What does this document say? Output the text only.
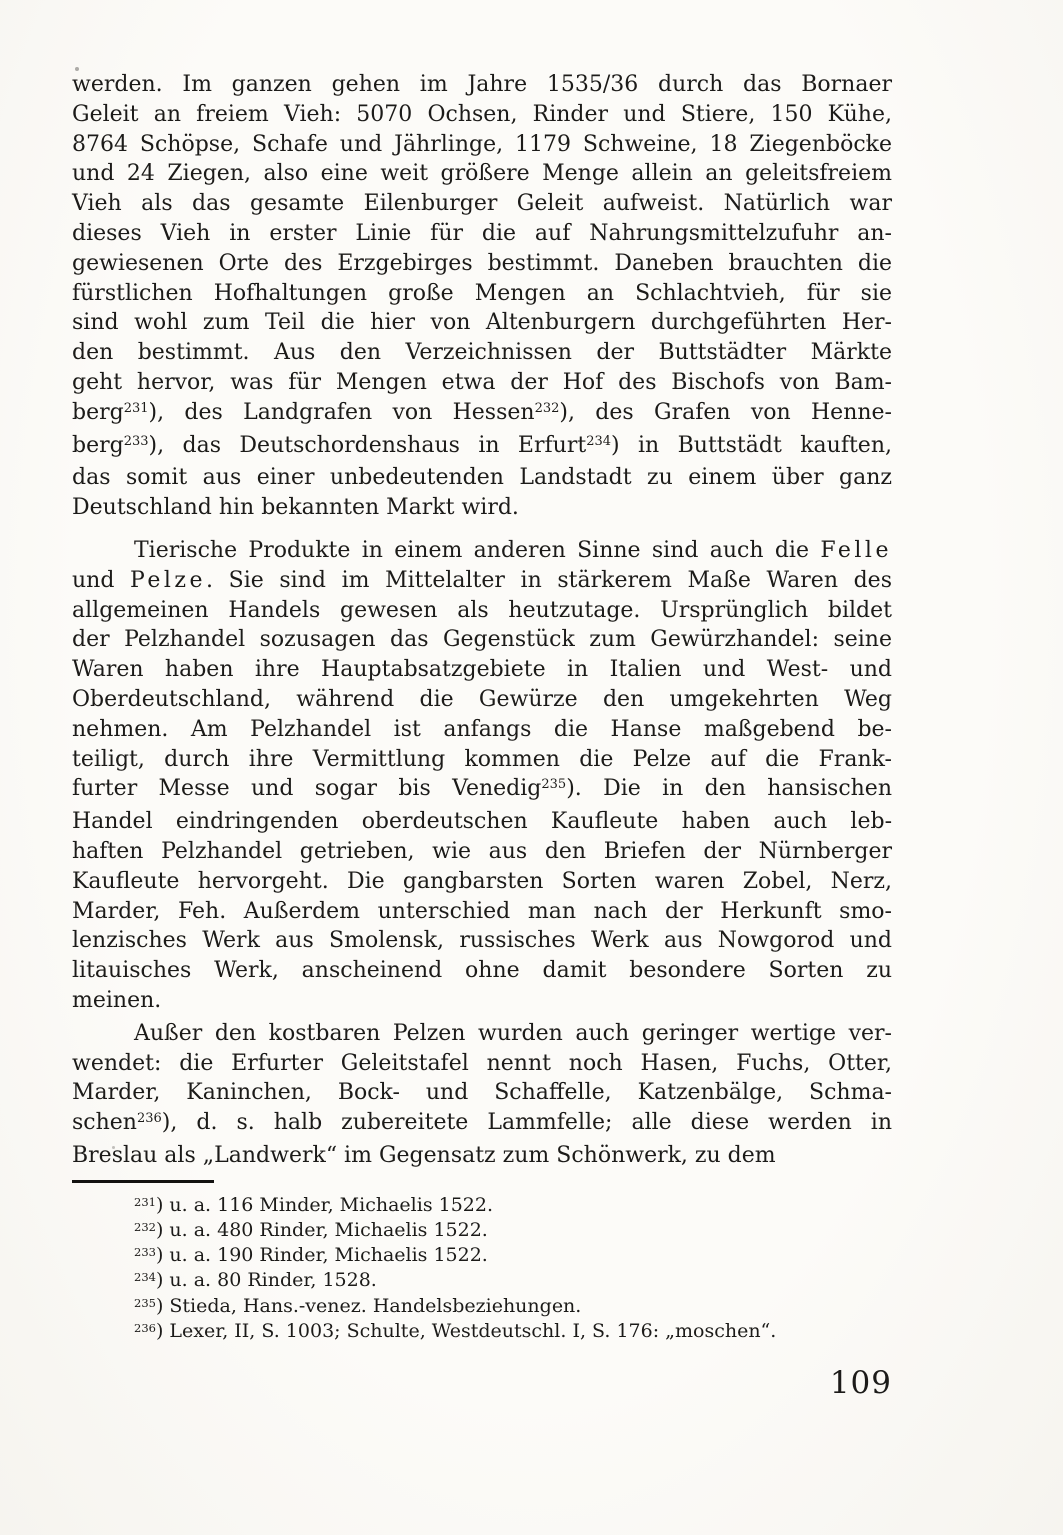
werden. Im ganzen gehen im Jahre 1535/36 durch das Bornaer
Geleit an freiem Vieh: 5070 Ochsen, Rinder und Stiere, 150 Kühe,
8764 Schöpse, Schafe und Jährlinge, 1179 Schweine, 18 Ziegenböcke
und 24 Ziegen, also eine weit größere Menge allein an geleitsfreiem
Vieh als das gesamte Eilenburger Geleit aufweist. Natürlich war
dieses Vieh in erster Linie für die auf Nahrungsmittelzufuhr an-
gewiesenen Orte des Erzgebirges bestimmt. Daneben brauchten die
fürstlichen Hofhaltungen große Mengen an Schlachtvieh, für sie
sind wohl zum Teil die hier von Altenburgern durchgeführten Her-
den bestimmt. Aus den Verzeichnissen der Buttstädter Märkte
geht hervor, was für Mengen etwa der Hof des Bischofs von Bam-
berg$^{231}$), des Landgrafen von Hessen$^{232}$), des Grafen von Henne-
berg$^{233}$), das Deutschordenshaus in Erfurt$^{234}$) in Buttstädt kauften,
das somit aus einer unbedeutenden Landstadt zu einem über ganz
Deutschland hin bekannten Markt wird.
Tierische Produkte in einem anderen Sinne sind auch die Felle
und Pelze. Sie sind im Mittelalter in stärkerem Maße Waren des
allgemeinen Handels gewesen als heutzutage. Ursprünglich bildet
der Pelzhandel sozusagen das Gegenstück zum Gewürzhandel: seine
Waren haben ihre Hauptabsatzgebiete in Italien und West- und
Oberdeutschland, während die Gewürze den umgekehrten Weg
nehmen. Am Pelzhandel ist anfangs die Hanse maßgebend be-
teiligt, durch ihre Vermittlung kommen die Pelze auf die Frank-
furter Messe und sogar bis Venedig$^{235}$). Die in den hansischen
Handel eindringenden oberdeutschen Kaufleute haben auch leb-
haften Pelzhandel getrieben, wie aus den Briefen der Nürnberger
Kaufleute hervorgeht. Die gangbarsten Sorten waren Zobel, Nerz,
Marder, Feh. Außerdem unterschied man nach der Herkunft smo-
lenzisches Werk aus Smolensk, russisches Werk aus Nowgorod und
litauisches Werk, anscheinend ohne damit besondere Sorten zu
meinen.
Außer den kostbaren Pelzen wurden auch geringer wertige ver-
wendet: die Erfurter Geleitstafel nennt noch Hasen, Fuchs, Otter,
Marder, Kaninchen, Bock- und Schaffelle, Katzenbälge, Schma-
schen$^{236}$), d. s. halb zubereitete Lammfelle; alle diese werden in
Breslau als „Landwerk“ im Gegensatz zum Schönwerk, zu dem
$^{231}$) u. a. 116 Minder, Michaelis 1522.
$^{232}$) u. a. 480 Rinder, Michaelis 1522.
$^{233}$) u. a. 190 Rinder, Michaelis 1522.
$^{234}$) u. a. 80 Rinder, 1528.
$^{235}$) Stieda, Hans.-venez. Handelsbeziehungen.
$^{236}$) Lexer, II, S. 1003; Schulte, Westdeutschl. I, S. 176: „moschen“.
109
